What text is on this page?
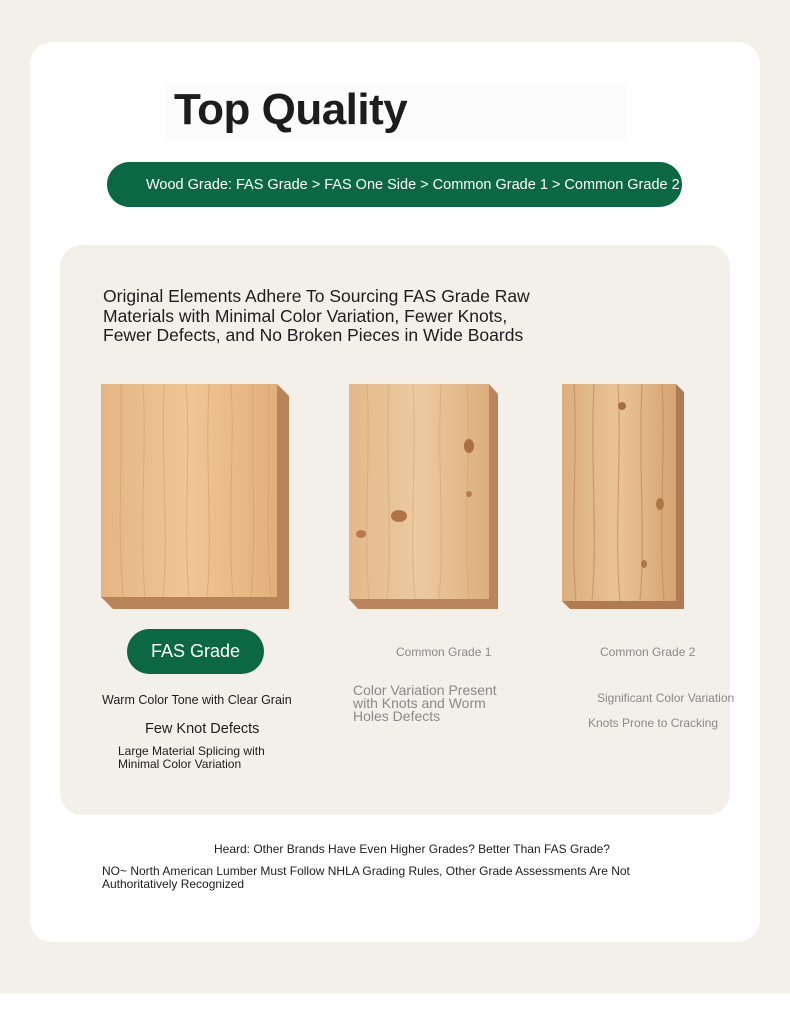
Top Quality
Wood Grade: FAS Grade > FAS One Side > Common Grade 1 > Common Grade 2
Original Elements Adhere To Sourcing FAS Grade Raw Materials with Minimal Color Variation, Fewer Knots, Fewer Defects, and No Broken Pieces in Wide Boards
FAS Grade	Common Grade 1	Common Grade 2
Warm Color Tone with Clear Grain
Few Knot Defects
Large Material Splicing with Minimal Color Variation
Color Variation Present with Knots and Worm Holes Defects
Significant Color Variation
Knots Prone to Cracking
Heard: Other Brands Have Even Higher Grades? Better Than FAS Grade?
NO~ North American Lumber Must Follow NHLA Grading Rules, Other Grade Assessments Are Not Authoritatively Recognized
